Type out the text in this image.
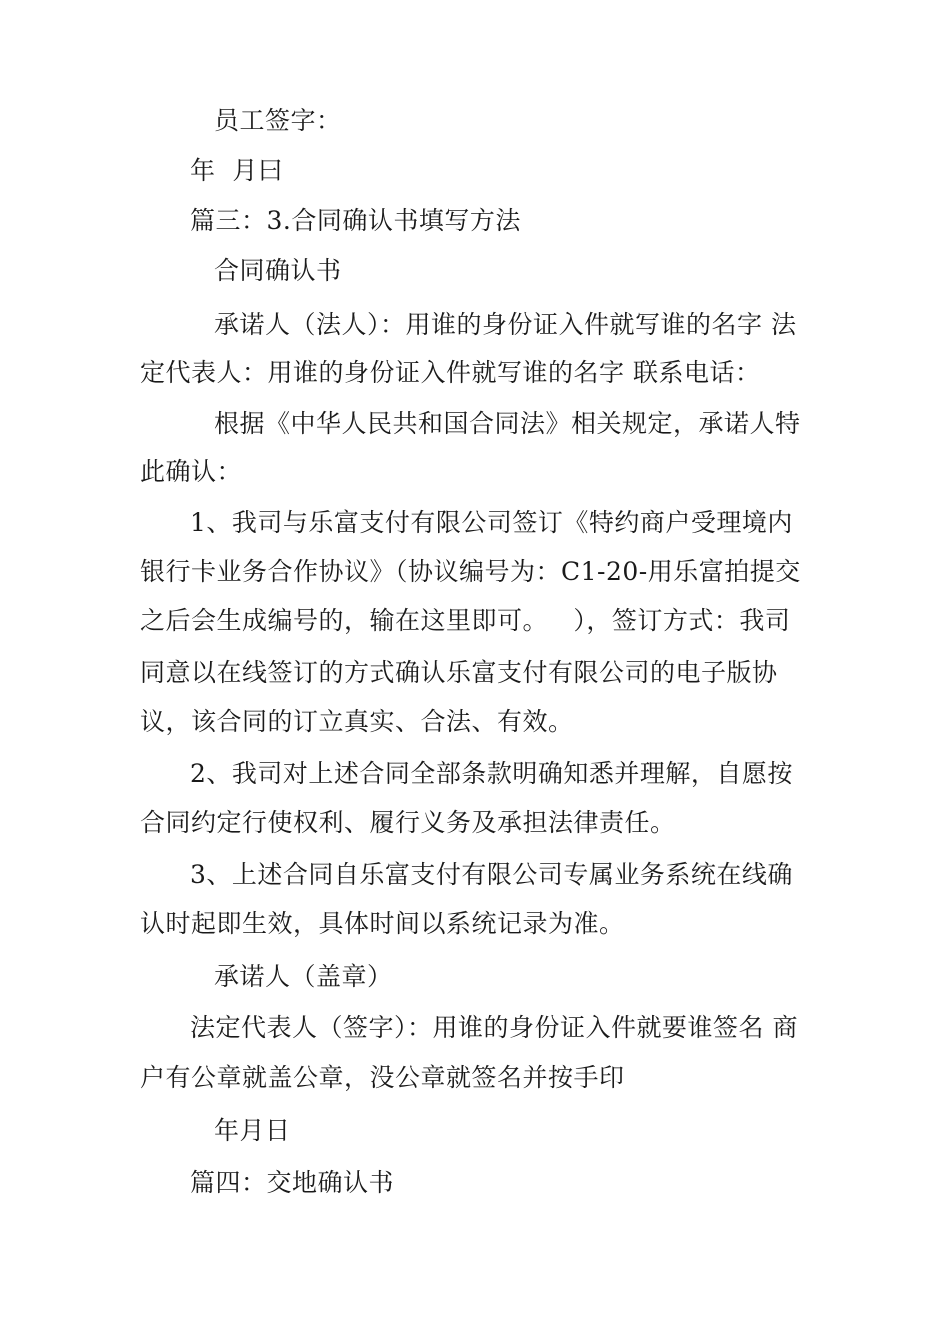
员工签字：
年  月曰
篇三：3.合同确认书填写方法
合同确认书
承诺人（法人）：用谁的身份证入件就写谁的名字 法
定代表人：用谁的身份证入件就写谁的名字 联系电话：
根据《中华人民共和国合同法》相关规定，承诺人特
此确认：
1、我司与乐富支付有限公司签订《特约商户受理境内
银行卡业务合作协议》（协议编号为：C1-20-用乐富拍提交
之后会生成编号的，输在这里即可。   ），签订方式：我司
同意以在线签订的方式确认乐富支付有限公司的电子版协
议，该合同的订立真实、合法、有效。
2、我司对上述合同全部条款明确知悉并理解，自愿按
合同约定行使权利、履行义务及承担法律责任。
3、上述合同自乐富支付有限公司专属业务系统在线确
认时起即生效，具体时间以系统记录为准。
承诺人（盖章）
法定代表人（签字）：用谁的身份证入件就要谁签名 商
户有公章就盖公章，没公章就签名并按手印
年月日
篇四：交地确认书
